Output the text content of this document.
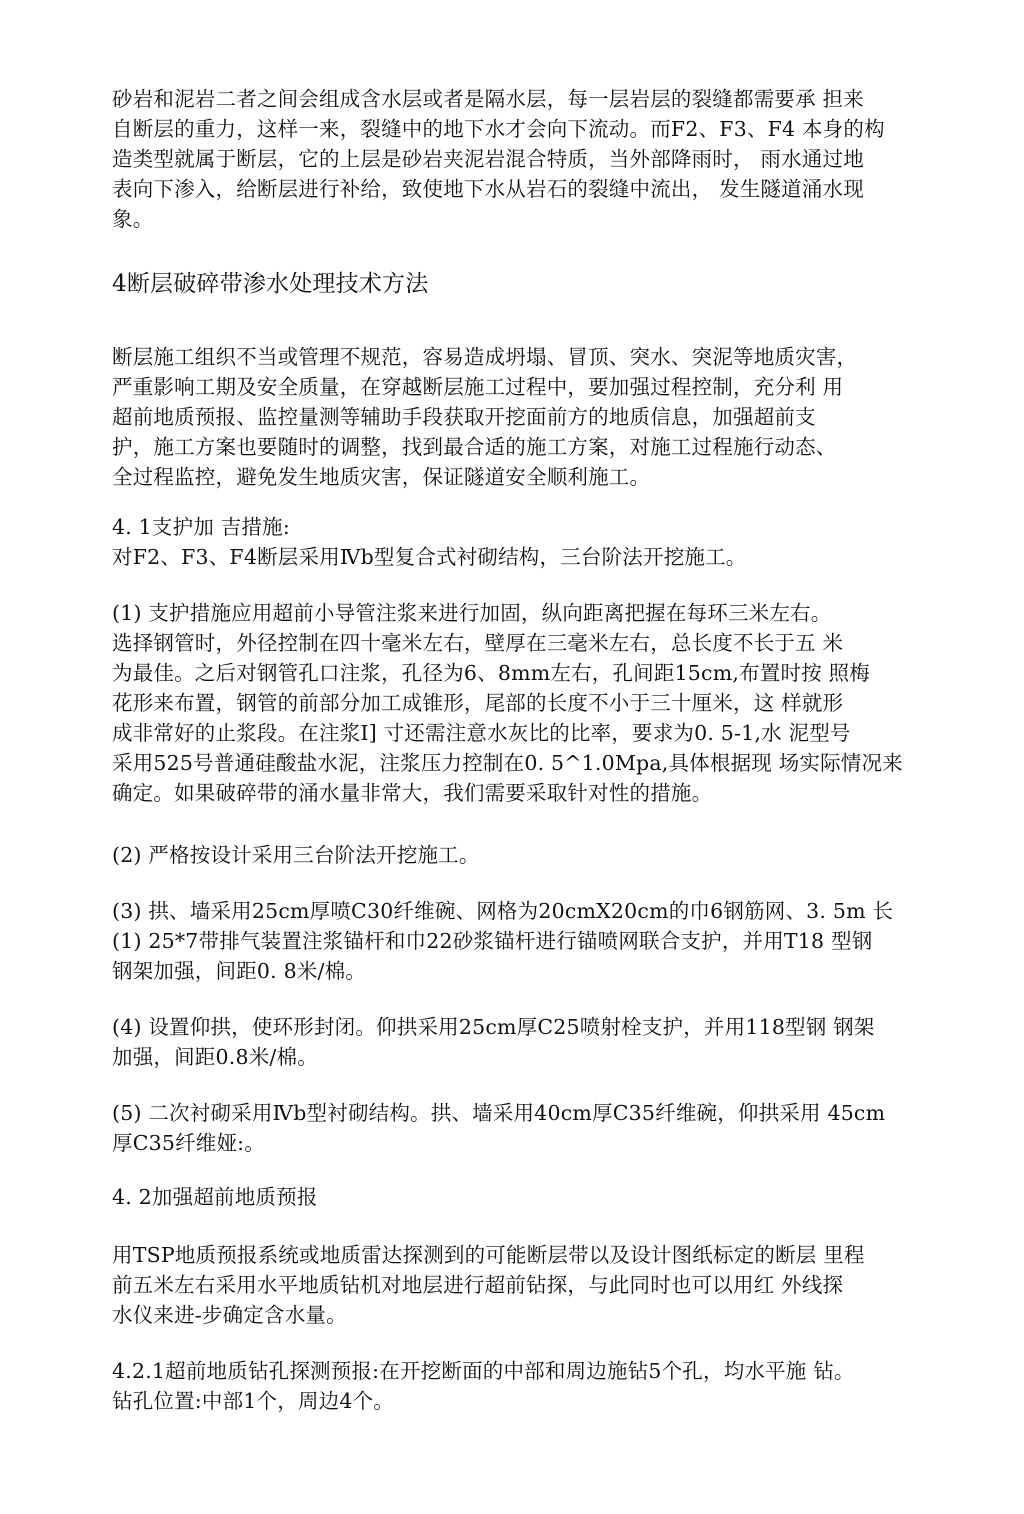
砂岩和泥岩二者之间会组成含水层或者是隔水层，每一层岩层的裂缝都需要承 担来
自断层的重力，这样一来，裂缝中的地下水才会向下流动。而F2、F3、F4 本身的构
造类型就属于断层，它的上层是砂岩夹泥岩混合特质，当外部降雨时， 雨水通过地
表向下渗入，给断层进行补给，致使地下水从岩石的裂缝中流出， 发生隧道涌水现
象。
4断层破碎带渗水处理技术方法
断层施工组织不当或管理不规范，容易造成坍塌、冒顶、突水、突泥等地质灾害，
严重影响工期及安全质量，在穿越断层施工过程中，要加强过程控制，充分利 用
超前地质预报、监控量测等辅助手段获取开挖面前方的地质信息，加强超前支
护，施工方案也要随时的调整，找到最合适的施工方案，对施工过程施行动态、
全过程监控，避免发生地质灾害，保证隧道安全顺利施工。
4. 1支护加 吉措施:
对F2、F3、F4断层采用Ⅳb型复合式衬砌结构，三台阶法开挖施工。
(1) 支护措施应用超前小导管注浆来进行加固，纵向距离把握在每环三米左右。
选择钢管时，外径控制在四十毫米左右，壁厚在三毫米左右，总长度不长于五 米
为最佳。之后对钢管孔口注浆，孔径为6、8mm左右，孔间距15cm,布置时按 照梅
花形来布置，钢管的前部分加工成锥形，尾部的长度不小于三十厘米，这 样就形
成非常好的止浆段。在注浆I] 寸还需注意水灰比的比率，要求为0. 5-1,水 泥型号
采用525号普通硅酸盐水泥，注浆压力控制在0. 5^1.0Mpa,具体根据现 场实际情况来
确定。如果破碎带的涌水量非常大，我们需要采取针对性的措施。
(2) 严格按设计采用三台阶法开挖施工。
(3) 拱、墙采用25cm厚喷C30纤维碗、网格为20cmX20cm的巾6钢筋网、3. 5m 长
(1) 25*7带排气装置注浆锚杆和巾22砂浆锚杆进行锚喷网联合支护，并用T18 型钢
钢架加强，间距0. 8米/棉。
(4) 设置仰拱，使环形封闭。仰拱采用25cm厚C25喷射栓支护，并用118型钢 钢架
加强，间距0.8米/棉。
(5) 二次衬砌采用Ⅳb型衬砌结构。拱、墙采用40cm厚C35纤维碗，仰拱采用 45cm
厚C35纤维娅:。
4. 2加强超前地质预报
用TSP地质预报系统或地质雷达探测到的可能断层带以及设计图纸标定的断层 里程
前五米左右采用水平地质钻机对地层进行超前钻探，与此同时也可以用红 外线探
水仪来进-步确定含水量。
4.2.1超前地质钻孔探测预报:在开挖断面的中部和周边施钻5个孔，均水平施 钻。
钻孔位置:中部1个，周边4个。
